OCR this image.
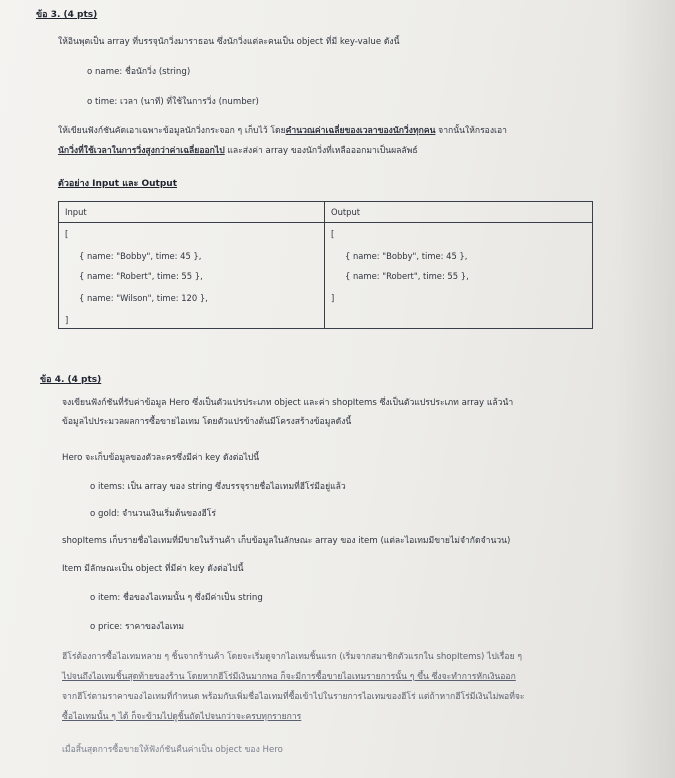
ข้อ 3. (4 pts)
ให้อินพุตเป็น array ที่บรรจุนักวิ่งมาราธอน ซึ่งนักวิ่งแต่ละคนเป็น object ที่มี key-value ดังนี้
o name: ชื่อนักวิ่ง (string)
o time: เวลา (นาที) ที่ใช้ในการวิ่ง (number)
ให้เขียนฟังก์ชันคัดเอาเฉพาะข้อมูลนักวิ่งกระจอก ๆ เก็บไว้ โดยคำนวณค่าเฉลี่ยของเวลาของนักวิ่งทุกคน จากนั้นให้กรองเอา
นักวิ่งที่ใช้เวลาในการวิ่งสูงกว่าค่าเฉลี่ยออกไป และส่งค่า array ของนักวิ่งที่เหลือออกมาเป็นผลลัพธ์
ตัวอย่าง Input และ Output
Input	Output
[
{ name: "Bobby", time: 45 },
{ name: "Robert", time: 55 },
{ name: "Wilson", time: 120 },
]
[
{ name: "Bobby", time: 45 },
{ name: "Robert", time: 55 },
]
ข้อ 4. (4 pts)
จงเขียนฟังก์ชันที่รับค่าข้อมูล Hero ซึ่งเป็นตัวแปรประเภท object และค่า shopItems ซึ่งเป็นตัวแปรประเภท array แล้วนำ
ข้อมูลไปประมวลผลการซื้อขายไอเทม โดยตัวแปรข้างต้นมีโครงสร้างข้อมูลดังนี้
Hero จะเก็บข้อมูลของตัวละครซึ่งมีค่า key ดังต่อไปนี้
o items: เป็น array ของ string ซึ่งบรรจุรายชื่อไอเทมที่ฮีโร่มีอยู่แล้ว
o gold: จำนวนเงินเริ่มต้นของฮีโร่
shopItems เก็บรายชื่อไอเทมที่มีขายในร้านค้า เก็บข้อมูลในลักษณะ array ของ item (แต่ละไอเทมมีขายไม่จำกัดจำนวน)
Item มีลักษณะเป็น object ที่มีค่า key ดังต่อไปนี้
o item: ชื่อของไอเทมนั้น ๆ ซึ่งมีค่าเป็น string
o price: ราคาของไอเทม
ฮีโร่ต้องการซื้อไอเทมหลาย ๆ ชิ้นจากร้านค้า โดยจะเริ่มดูจากไอเทมชิ้นแรก (เริ่มจากสมาชิกตัวแรกใน shopItems) ไปเรื่อย ๆ
ไปจนถึงไอเทมชิ้นสุดท้ายของร้าน โดยหากฮีโร่มีเงินมากพอ ก็จะมีการซื้อขายไอเทมรายการนั้น ๆ ขึ้น ซึ่งจะทำการหักเงินออก
จากฮีโร่ตามราคาของไอเทมที่กำหนด พร้อมกับเพิ่มชื่อไอเทมที่ซื้อเข้าไปในรายการไอเทมของฮีโร่ แต่ถ้าหากฮีโร่มีเงินไม่พอที่จะ
ซื้อไอเทมนั้น ๆ ได้ ก็จะข้ามไปดูชิ้นถัดไปจนกว่าจะครบทุกรายการ
เมื่อสิ้นสุดการซื้อขายให้ฟังก์ชันคืนค่าเป็น object ของ Hero
